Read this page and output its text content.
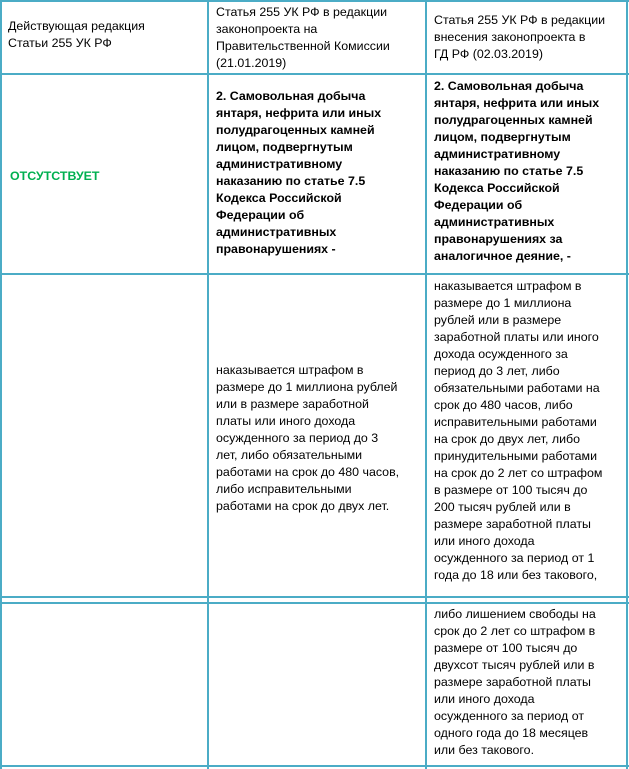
Действующая редакция
Статьи 255 УК РФ
Статья 255 УК РФ в редакции
законопроекта на
Правительственной Комиссии
(21.01.2019)
Статья 255 УК РФ в редакции
внесения законопроекта в
ГД РФ (02.03.2019)
ОТСУТСТВУЕТ
2. Самовольная добыча
янтаря, нефрита или иных
полудрагоценных камней
лицом, подвергнутым
административному
наказанию по статье 7.5
Кодекса Российской
Федерации об
административных
правонарушениях -
2. Самовольная добыча
янтаря, нефрита или иных
полудрагоценных камней
лицом, подвергнутым
административному
наказанию по статье 7.5
Кодекса Российской
Федерации об
административных
правонарушениях за
аналогичное деяние, -
наказывается штрафом в
размере до 1 миллиона рублей
или в размере заработной
платы или иного дохода
осужденного за период до 3
лет, либо обязательными
работами на срок до 480 часов,
либо исправительными
работами на срок до двух лет.
наказывается штрафом в
размере до 1 миллиона
рублей или в размере
заработной платы или иного
дохода осужденного за
период до 3 лет, либо
обязательными работами на
срок до 480 часов, либо
исправительными работами
на срок до двух лет, либо
принудительными работами
на срок до 2 лет со штрафом
в размере от 100 тысяч до
200 тысяч рублей или в
размере заработной платы
или иного дохода
осужденного за период от 1
года до 18 или без такового,
либо лишением свободы на
срок до 2 лет со штрафом в
размере от 100 тысяч до
двухсот тысяч рублей или в
размере заработной платы
или иного дохода
осужденного за период от
одного года до 18 месяцев
или без такового.
